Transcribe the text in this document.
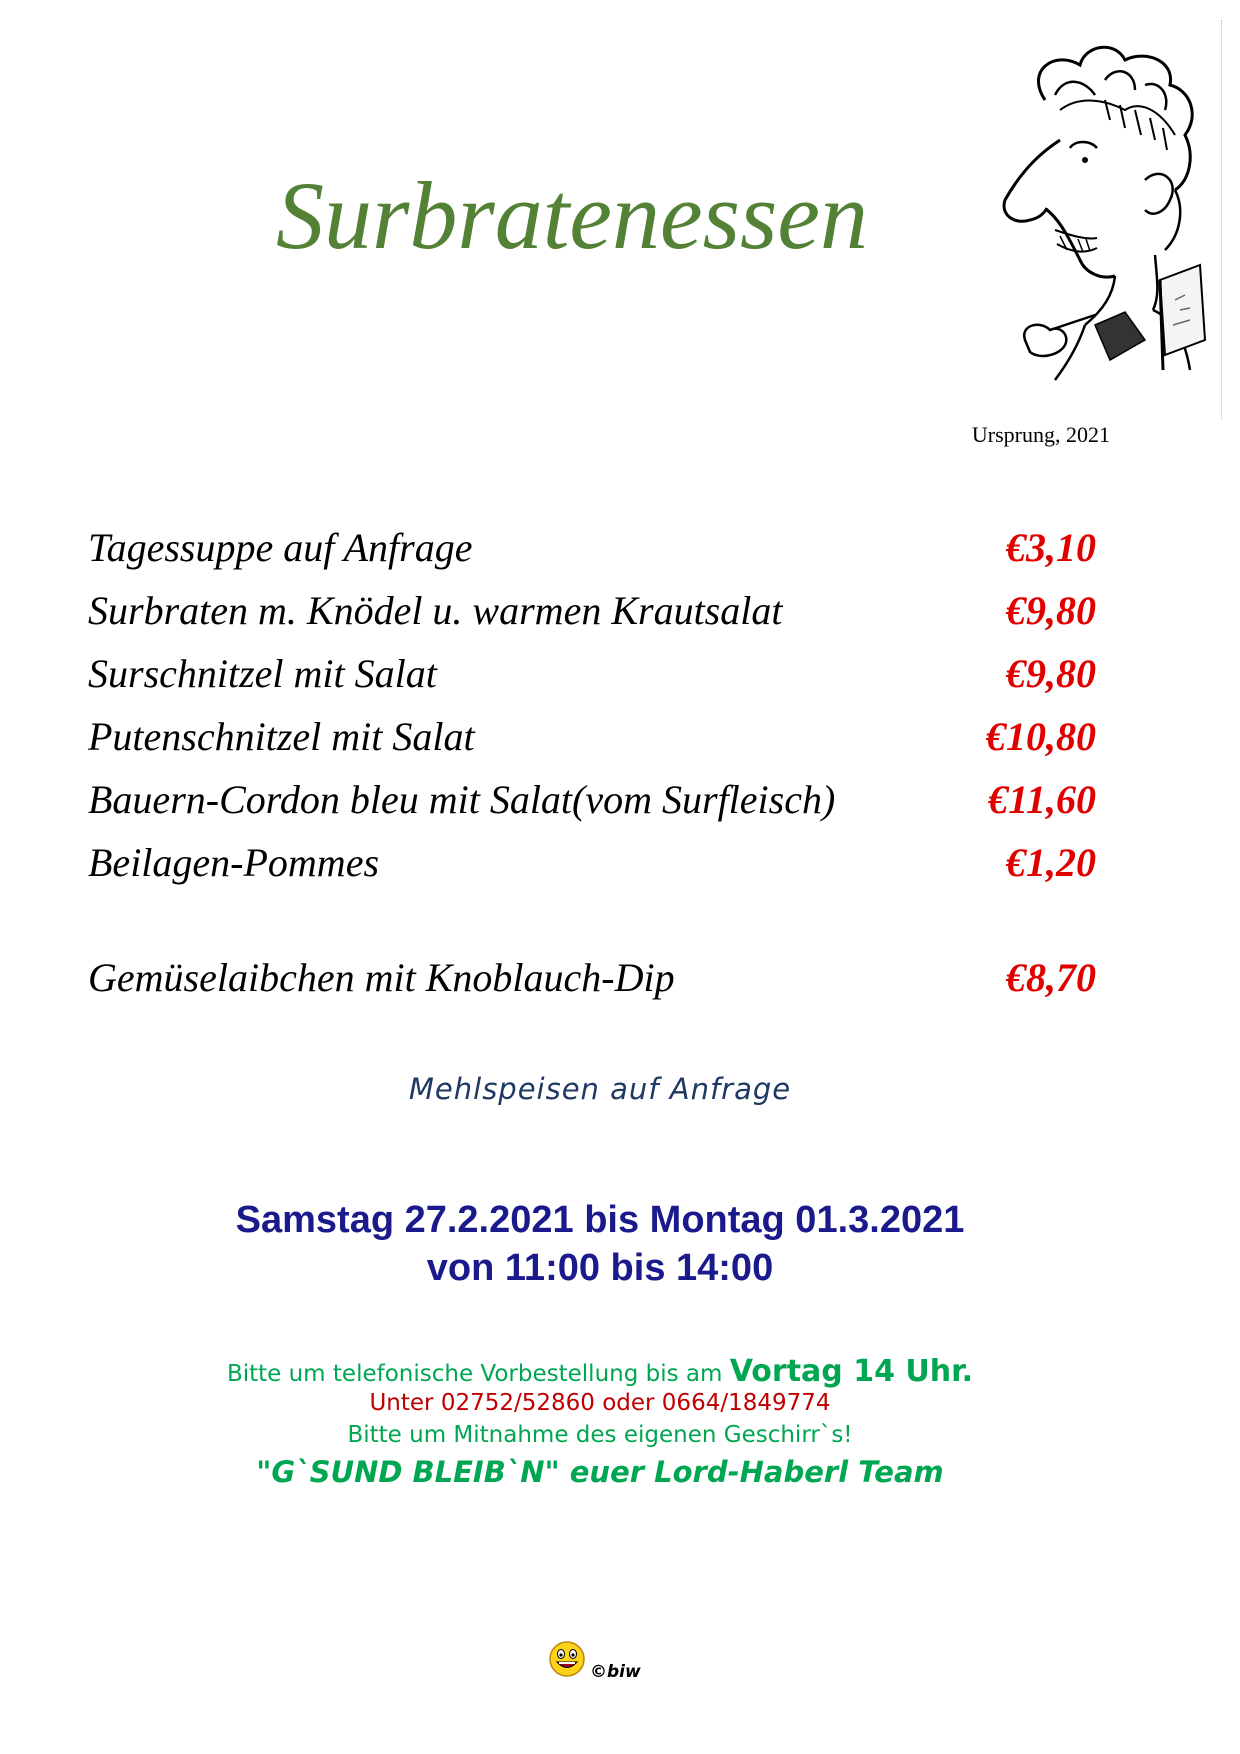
Surbratenessen
Ursprung, 2021
Tagessuppe auf Anfrage	€3,10
Surbraten m. Knödel u. warmen Krautsalat	€9,80
Surschnitzel mit Salat	€9,80
Putenschnitzel mit Salat	€10,80
Bauern-Cordon bleu mit Salat(vom Surfleisch)	€11,60
Beilagen-Pommes	€1,20
Gemüselaibchen mit Knoblauch-Dip	€8,70
Mehlspeisen auf Anfrage
Samstag 27.2.2021 bis Montag 01.3.2021
von 11:00 bis 14:00
Bitte um telefonische Vorbestellung bis am Vortag 14 Uhr.
Unter 02752/52860 oder 0664/1849774
Bitte um Mitnahme des eigenen Geschirr`s!
"G`SUND BLEIB`N" euer Lord-Haberl Team
©biw
